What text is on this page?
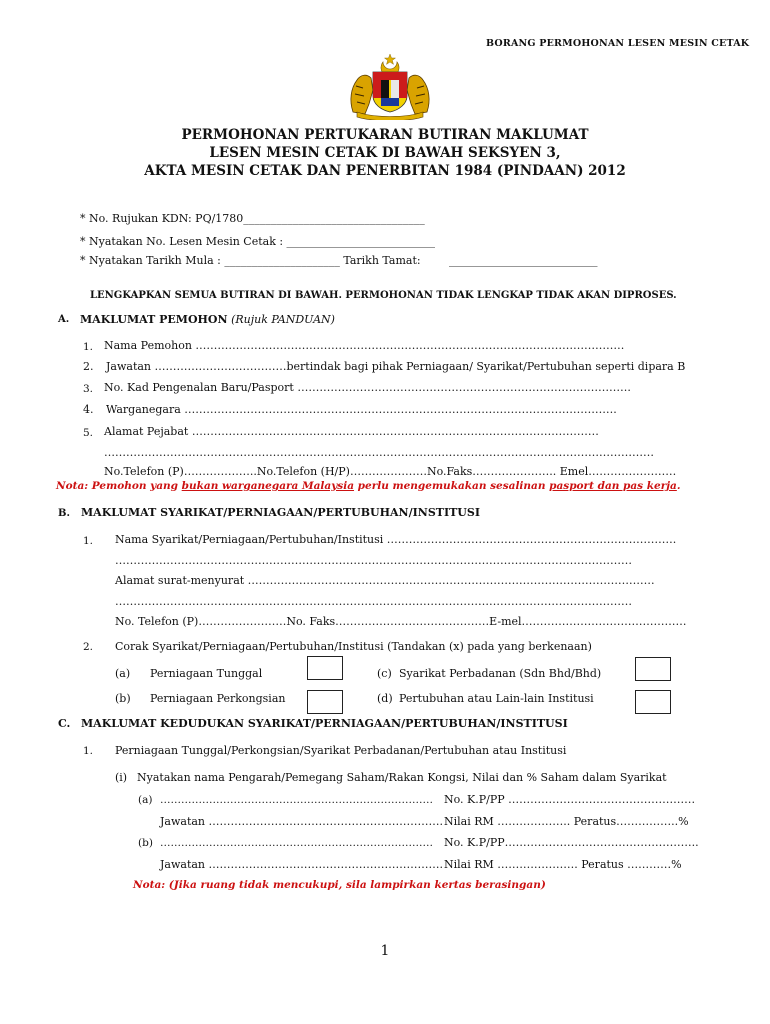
BORANG PERMOHONAN LESEN MESIN CETAK
PERMOHONAN PERTUKARAN BUTIRAN MAKLUMAT
LESEN MESIN CETAK DI BAWAH SEKSYEN 3,
AKTA MESIN CETAK DAN PENERBITAN 1984 (PINDAAN) 2012
* No. Rujukan KDN: PQ/1780_________________________________
* Nyatakan No. Lesen Mesin Cetak : ___________________________
* Nyatakan Tarikh Mula : _____________________ Tarikh Tamat:	___________________________
LENGKAPKAN SEMUA BUTIRAN DI BAWAH. PERMOHONAN TIDAK LENGKAP TIDAK AKAN DIPROSES.
A. MAKLUMAT PEMOHON (Rujuk PANDUAN)
1. Nama Pemohon ………………………………………………………………………………………………………
2. Jawatan ………………………………bertindak bagi pihak Perniagaan/ Syarikat/Pertubuhan seperti dipara B
3. No. Kad Pengenalan Baru/Pasport ……………………………………………………………………………….
4. Warganegara ……………………………………………………………………………………………………….
5. Alamat Pejabat …………………………………………………………………………………………………
……………………………………………………………………………………………………………………………………
No.Telefon (P)………………..No.Telefon (H/P)…………………No.Faks………………….. Emel……………………
Nota: Pemohon yang bukan warganegara Malaysia perlu mengemukakan sesalinan pasport dan pas kerja.
B. MAKLUMAT SYARIKAT/PERNIAGAAN/PERTUBUHAN/INSTITUSI
1. Nama Syarikat/Perniagaan/Pertubuhan/Institusi …………………………………………………………………….
……………………………………………………………………………………………………………………………
Alamat surat-menyurat …………………………………………………………………………………………………
……………………………………………………………………………………………………………………………
No. Telefon (P)……………………No. Faks……………………………………E-mel………………………………………
2. Corak Syarikat/Perniagaan/Pertubuhan/Institusi (Tandakan (x) pada yang berkenaan)
(a) Perniagaan Tunggal	(c) Syarikat Perbadanan (Sdn Bhd/Bhd)
(b) Perniagaan Perkongsian	(d) Pertubuhan atau Lain-lain Institusi
C. MAKLUMAT KEDUDUKAN SYARIKAT/PERNIAGAAN/PERTUBUHAN/INSTITUSI
1. Perniagaan Tunggal/Perkongsian/Syarikat Perbadanan/Pertubuhan atau Institusi
(i) Nyatakan nama Pengarah/Pemegang Saham/Rakan Kongsi, Nilai dan % Saham dalam Syarikat
(a) …………………………………………………………………… No. K.P/PP ……………………………………………
Jawatan ………………………………………………………. Nilai RM ……………….. Peratus……………..%
(b) …………………………………………………………………… No. K.P/PP……………………………………………..
Jawatan ………………………………………………………. Nilai RM …………………. Peratus …………%
Nota: (Jika ruang tidak mencukupi, sila lampirkan kertas berasingan)
1
